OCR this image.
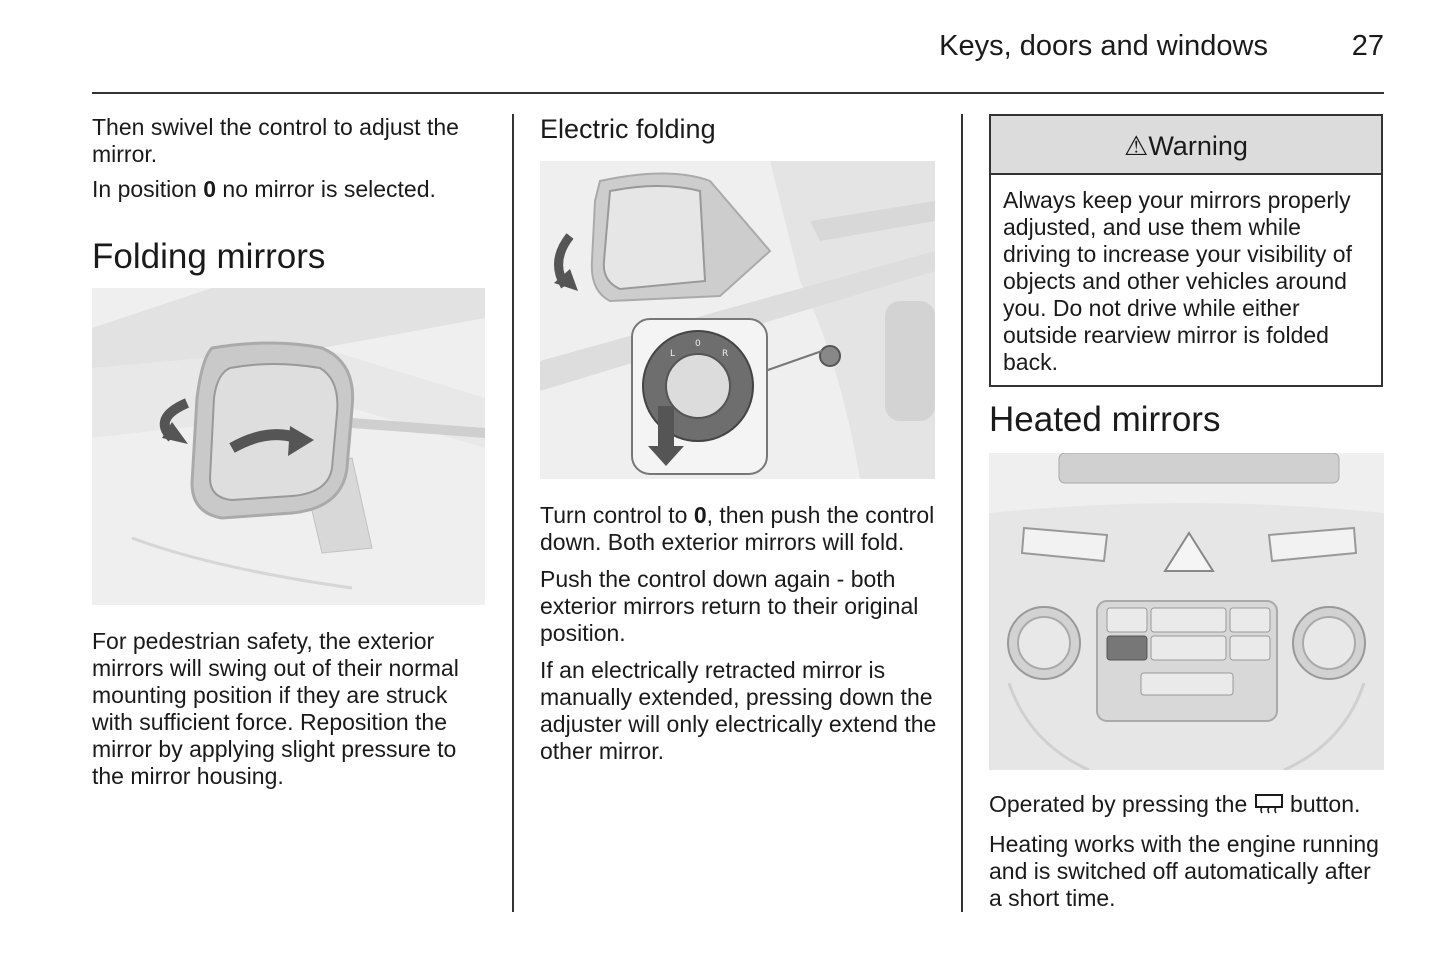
Keys, doors and windows	27

Then swivel the control to adjust the mirror.

In position 0 no mirror is selected.

Folding mirrors

For pedestrian safety, the exterior mirrors will swing out of their normal mounting position if they are struck with sufficient force. Reposition the mirror by applying slight pressure to the mirror housing.

Electric folding
L
0
R

Turn control to 0, then push the control down. Both exterior mirrors will fold.

Push the control down again - both exterior mirrors return to their original position.

If an electrically retracted mirror is manually extended, pressing down the adjuster will only electrically extend the other mirror.

⚠Warning
Always keep your mirrors properly adjusted, and use them while driving to increase your visibility of objects and other vehicles around you. Do not drive while either outside rearview mirror is folded back.
Heated mirrors

Operated by pressing the  button.

Heating works with the engine running and is switched off automatically after a short time.
